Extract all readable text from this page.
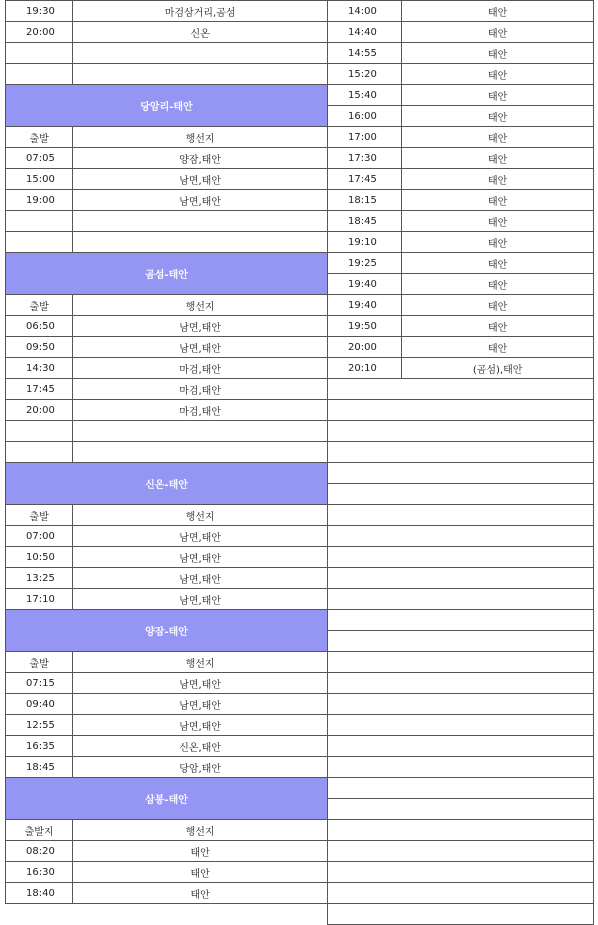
19:30	마검삼거리,곰섬
20:00	신온

당암리-태안	
출발	행선지
07:05	양잠,태안
15:00	남면,태안
19:00	남면,태안

곰섬-태안	
출발	행선지
06:50	남면,태안
09:50	남면,태안
14:30	마검,태안
17:45	마검,태안
20:00	마검,태안

신온-태안	
출발	행선지
07:00	남면,태안
10:50	남면,태안
13:25	남면,태안
17:10	남면,태안
양잠-태안	
출발	행선지
07:15	남면,태안
09:40	남면,태안
12:55	남면,태안
16:35	신온,태안
18:45	당암,태안
삼봉-태안	
출발지	행선지
08:20	태안
16:30	태안
18:40	태안
14:00	태안
14:40	태안
14:55	태안
15:20	태안
15:40	태안
16:00	태안
17:00	태안
17:30	태안
17:45	태안
18:15	태안
18:45	태안
19:10	태안
19:25	태안
19:40	태안
19:40	태안
19:50	태안
20:00	태안
20:10	(곰섬),태안
